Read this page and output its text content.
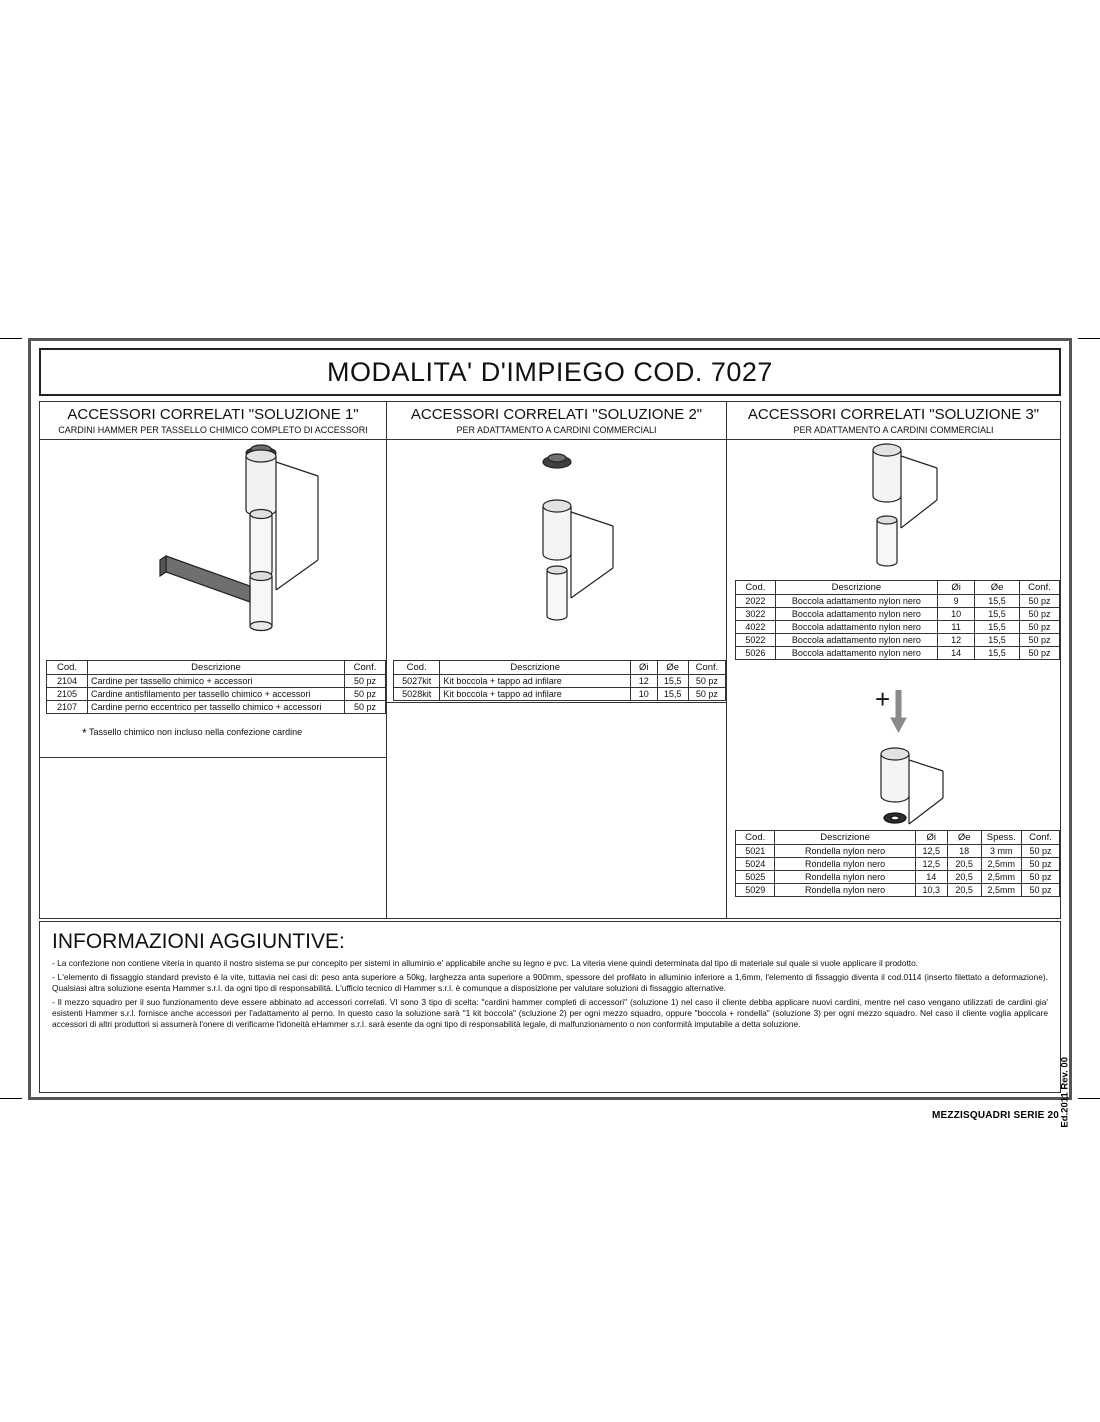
MODALITA' D'IMPIEGO COD. 7027
ACCESSORI CORRELATI "SOLUZIONE 1"
CARDINI HAMMER PER TASSELLO CHIMICO COMPLETO DI ACCESSORI
Cod.	Descrizione	Conf.
2104	Cardine per tassello chimico + accessori	50 pz
2105	Cardine antisfilamento per tassello chimico + accessori	50 pz
2107	Cardine perno eccentrico per tassello chimico + accessori	50 pz
* Tassello chimico non incluso nella confezione cardine
ACCESSORI CORRELATI "SOLUZIONE 2"
PER ADATTAMENTO A CARDINI COMMERCIALI
Cod.	Descrizione	Øi	Øe	Conf.
5027kit	Kit boccola + tappo ad infilare	12	15,5	50 pz
5028kit	Kit boccola + tappo ad infilare	10	15,5	50 pz
ACCESSORI CORRELATI "SOLUZIONE 3"
PER ADATTAMENTO A CARDINI COMMERCIALI
Cod.	Descrizione	Øi	Øe	Conf.
2022	Boccola adattamento nylon nero	9	15,5	50 pz
3022	Boccola adattamento nylon nero	10	15,5	50 pz
4022	Boccola adattamento nylon nero	11	15,5	50 pz
5022	Boccola adattamento nylon nero	12	15,5	50 pz
5026	Boccola adattamento nylon nero	14	15,5	50 pz
+
Cod.	Descrizione	Øi	Øe	Spess.	Conf.
5021	Rondella nylon nero	12,5	18	3 mm	50 pz
5024	Rondella nylon nero	12,5	20,5	2,5mm	50 pz
5025	Rondella nylon nero	14	20,5	2,5mm	50 pz
5029	Rondella nylon nero	10,3	20,5	2,5mm	50 pz
INFORMAZIONI AGGIUNTIVE:

- La confezione non contiene viteria in quanto il nostro sistema se pur concepito per sistemi in alluminio e' applicabile anche su legno e pvc. La viteria viene quindi determinata dal tipo di materiale sul quale si vuole applicare il prodotto.

- L'elemento di fissaggio standard previsto é la vite, tuttavia nei casi di: peso anta superiore a 50kg, larghezza anta superiore a 900mm, spessore del profilato in alluminio inferiore a 1,6mm, l'elemento di fissaggio diventa il cod.0114 (inserto filettato a deformazione). Qualsiasi altra soluzione esenta Hammer s.r.l. da ogni tipo di responsabilità. L'ufficio tecnico di Hammer s.r.l. è comunque a disposizione per valutare soluzioni di fissaggio alternative.

- Il mezzo squadro per il suo funzionamento deve essere abbinato ad accessori correlati. VI sono 3 tipo di scelta: "cardini hammer completi di accessori" (soluzione 1) nel caso il cliente debba applicare nuovi cardini, mentre nel caso vengano utilizzati de cardini gia' esistenti Hammer s.r.l. fornisce anche accessori per l'adattamento al perno. In questo caso la soluzione sarà "1 kit boccola" (scluzione 2) per ogni mezzo squadro, oppure "boccola + rondella" (soluzione 3) per ogni mezzo squadro. Nel caso il cliente voglia applicare accessori di altri produttori si assumerà l'onere di verificarne l'idoneità eHammer s.r.l. sarà esente da ogni tipo di responsabilità legale, di malfunzionamento o non conformità imputabile a detta soluzione.

Ed.2011 Rev. 00
MEZZISQUADRI SERIE 20
